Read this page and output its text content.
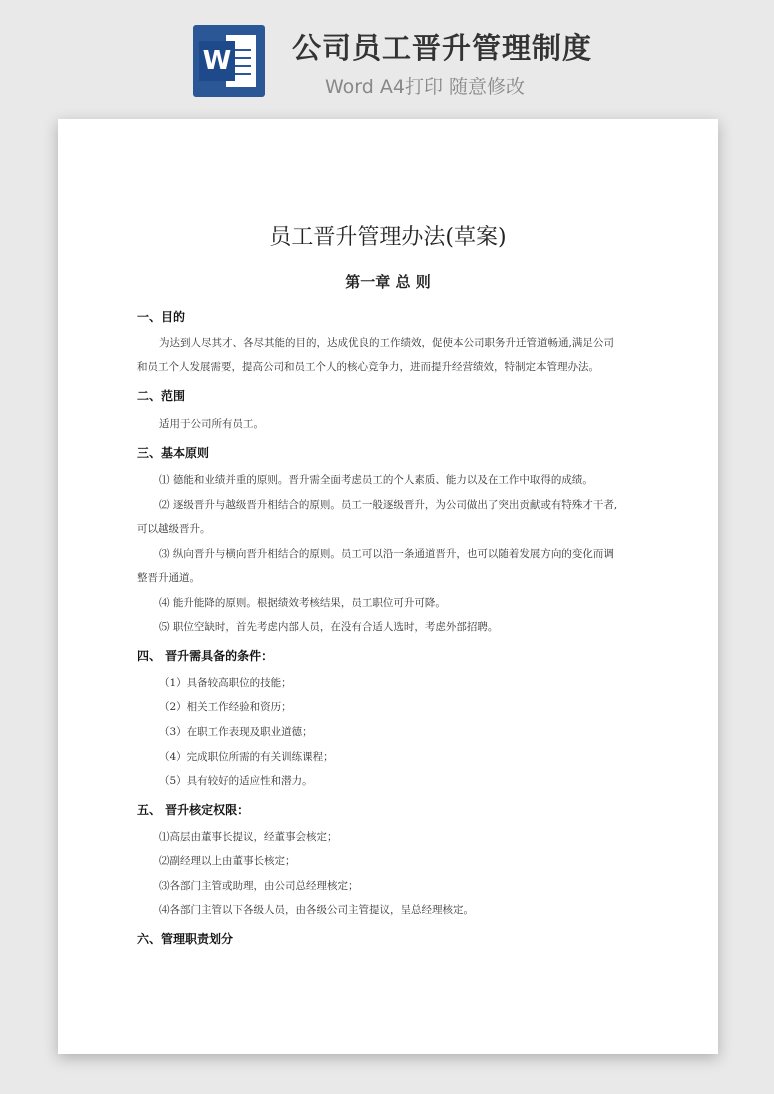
W 公司员工晋升管理制度
Word A4打印 随意修改
员工晋升管理办法(草案)
第一章 总 则
一、目的
为达到人尽其才、各尽其能的目的，达成优良的工作绩效，促使本公司职务升迁管道畅通,满足公司
和员工个人发展需要，提高公司和员工个人的核心竞争力，进而提升经营绩效，特制定本管理办法。
二、范围
适用于公司所有员工。
三、基本原则
⑴ 德能和业绩并重的原则。晋升需全面考虑员工的个人素质、能力以及在工作中取得的成绩。
⑵ 逐级晋升与越级晋升相结合的原则。员工一般逐级晋升，为公司做出了突出贡献或有特殊才干者,
可以越级晋升。
⑶ 纵向晋升与横向晋升相结合的原则。员工可以沿一条通道晋升，也可以随着发展方向的变化而调
整晋升通道。
⑷ 能升能降的原则。根据绩效考核结果，员工职位可升可降。
⑸ 职位空缺时，首先考虑内部人员，在没有合适人选时，考虑外部招聘。
四、 晋升需具备的条件：
（1）具备较高职位的技能；
（2）相关工作经验和资历；
（3）在职工作表现及职业道德；
（4）完成职位所需的有关训练课程；
（5）具有较好的适应性和潜力。
五、 晋升核定权限：
⑴高层由董事长提议，经董事会核定；
⑵副经理以上由董事长核定；
⑶各部门主管或助理，由公司总经理核定；
⑷各部门主管以下各级人员，由各级公司主管提议，呈总经理核定。
六、管理职责划分
